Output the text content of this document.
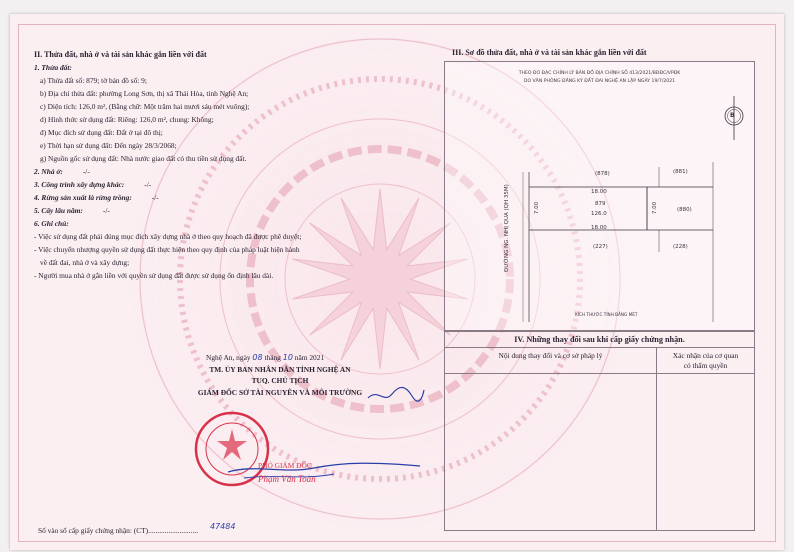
II. Thửa đất, nhà ở và tài sản khác gắn liền với đất
1. Thửa đất:
a) Thửa đất số: 879; tờ bản đồ số: 9;
b) Địa chỉ thửa đất: phường Long Sơn, thị xã Thái Hòa, tỉnh Nghệ An;
c) Diện tích: 126,0 m², (Bằng chữ: Một trăm hai mươi sáu mét vuông);
d) Hình thức sử dụng đất: Riêng: 126,0 m², chung: Không;
đ) Mục đích sử dụng đất: Đất ở tại đô thị;
e) Thời hạn sử dụng đất: Đến ngày 28/3/2068;
g) Nguồn gốc sử dụng đất: Nhà nước giao đất có thu tiền sử dụng đất.
2. Nhà ở:	-/-
3. Công trình xây dựng khác:	-/-
4. Rừng sản xuất là rừng trồng:	-/-
5. Cây lâu năm:	-/-
6. Ghi chú:
- Việc sử dụng đất phải đúng mục đích xây dựng nhà ở theo quy hoạch đã được phê duyệt;
- Việc chuyển nhượng quyền sử dụng đất thực hiện theo quy định của pháp luật hiện hành
về đất đai, nhà ở và xây dựng;
- Người mua nhà ở gắn liền với quyền sử dụng đất được sử dụng ổn định lâu dài.
Nghệ An, ngày 08 tháng 10 năm 2021
TM. ỦY BAN NHÂN DÂN TỈNH NGHỆ AN
TUQ. CHỦ TỊCH
GIÁM ĐỐC SỞ TÀI NGUYÊN VÀ MÔI TRƯỜNG
PHÓ GIÁM ĐỐC
Phạm Văn Toàn
Số vào sổ cấp giấy chứng nhận: (CT)........................... 47484
III. Sơ đồ thửa đất, nhà ở và tài sản khác gắn liền với đất
THEO ĐO ĐẠC CHỈNH LÝ BẢN ĐỒ ĐỊA CHÍNH SỐ 413/2021/BĐĐC/VPĐK
DO VĂN PHÒNG ĐĂNG KÝ ĐẤT ĐAI NGHỆ AN LẬP NGÀY 19/7/2021
B
(878)	(881)
(880)
(227)	(228)
18.00
879
126.0
18.00
7.00	7.00
ĐƯỜNG NG. NHỊ QUA (QH 35M)
KÍCH THƯỚC TÍNH BẰNG MÉT
IV. Những thay đổi sau khi cấp giấy chứng nhận.	
Nội dung thay đổi và cơ sở pháp lý	Xác nhận của cơ quan
có thẩm quyền
